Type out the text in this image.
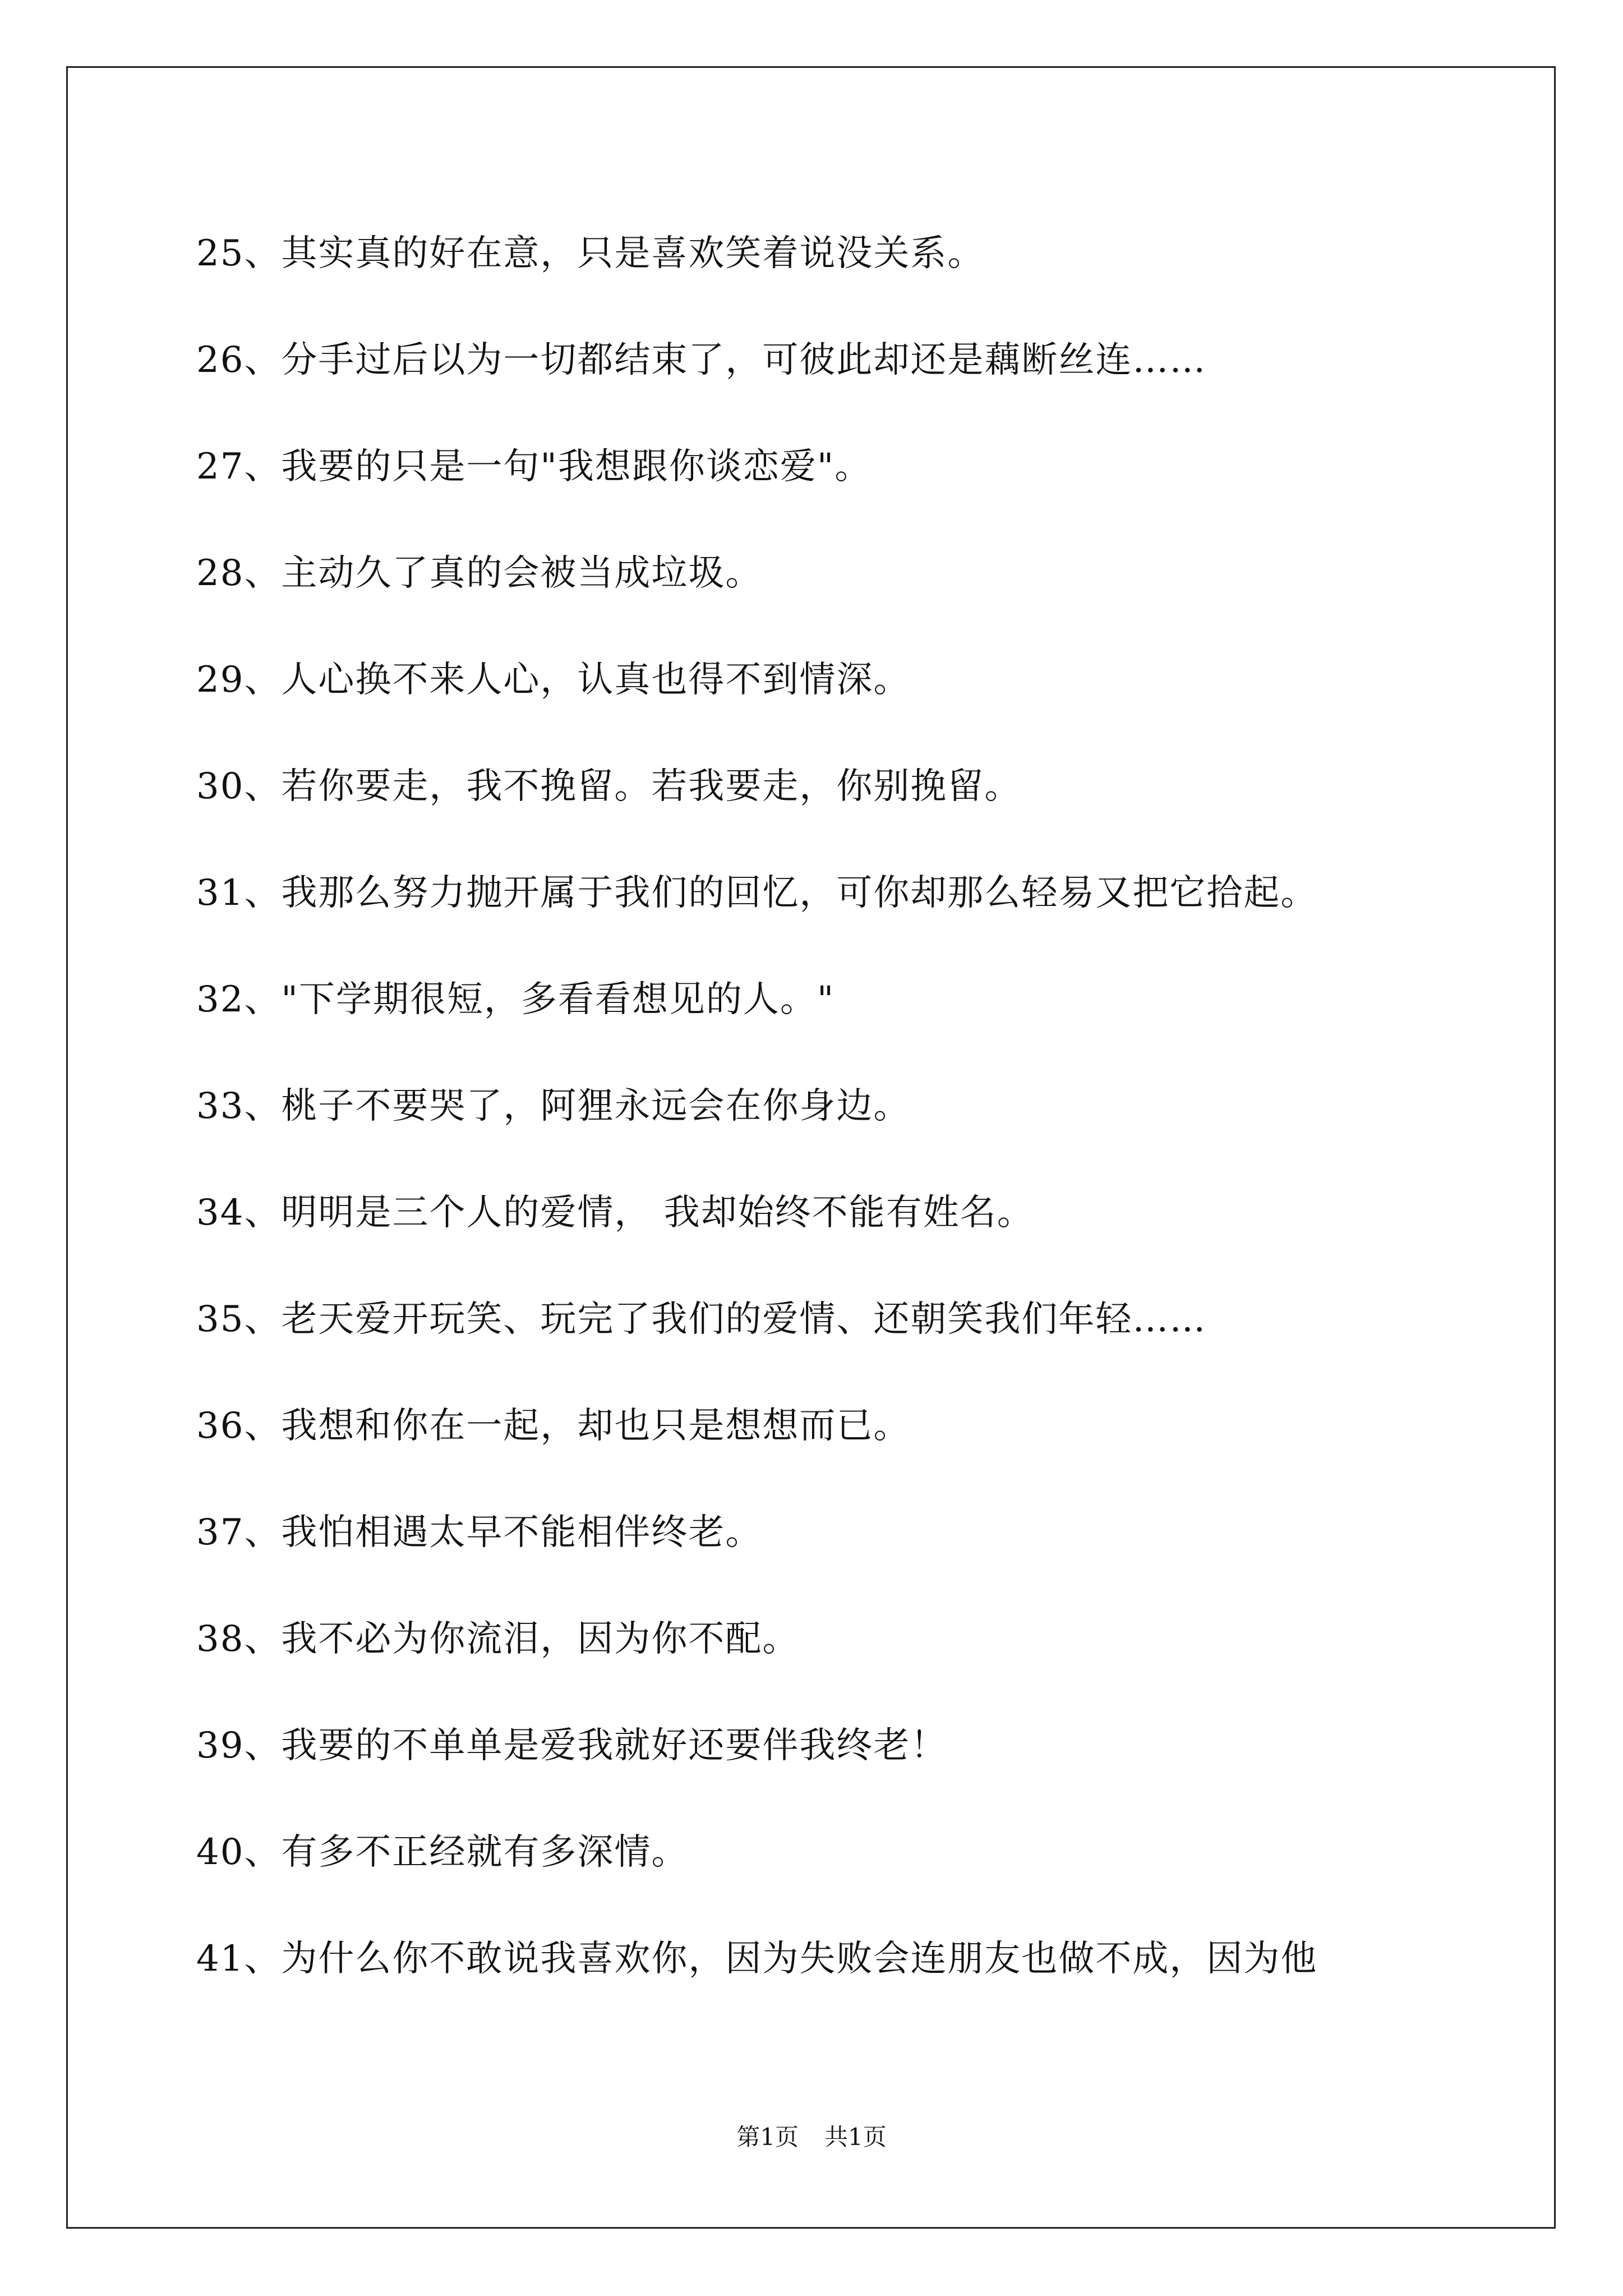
25、其实真的好在意，只是喜欢笑着说没关系。
26、分手过后以为一切都结束了，可彼此却还是藕断丝连……
27、我要的只是一句"我想跟你谈恋爱"。
28、主动久了真的会被当成垃圾。
29、人心换不来人心，认真也得不到情深。
30、若你要走，我不挽留。若我要走，你别挽留。
31、我那么努力抛开属于我们的回忆，可你却那么轻易又把它拾起。
32、"下学期很短，多看看想见的人。"
33、桃子不要哭了，阿狸永远会在你身边。
34、明明是三个人的爱情， 我却始终不能有姓名。
35、老天爱开玩笑、玩完了我们的爱情、还朝笑我们年轻……
36、我想和你在一起，却也只是想想而已。
37、我怕相遇太早不能相伴终老。
38、我不必为你流泪，因为你不配。
39、我要的不单单是爱我就好还要伴我终老！
40、有多不正经就有多深情。
41、为什么你不敢说我喜欢你，因为失败会连朋友也做不成，因为他
第1页 共1页
